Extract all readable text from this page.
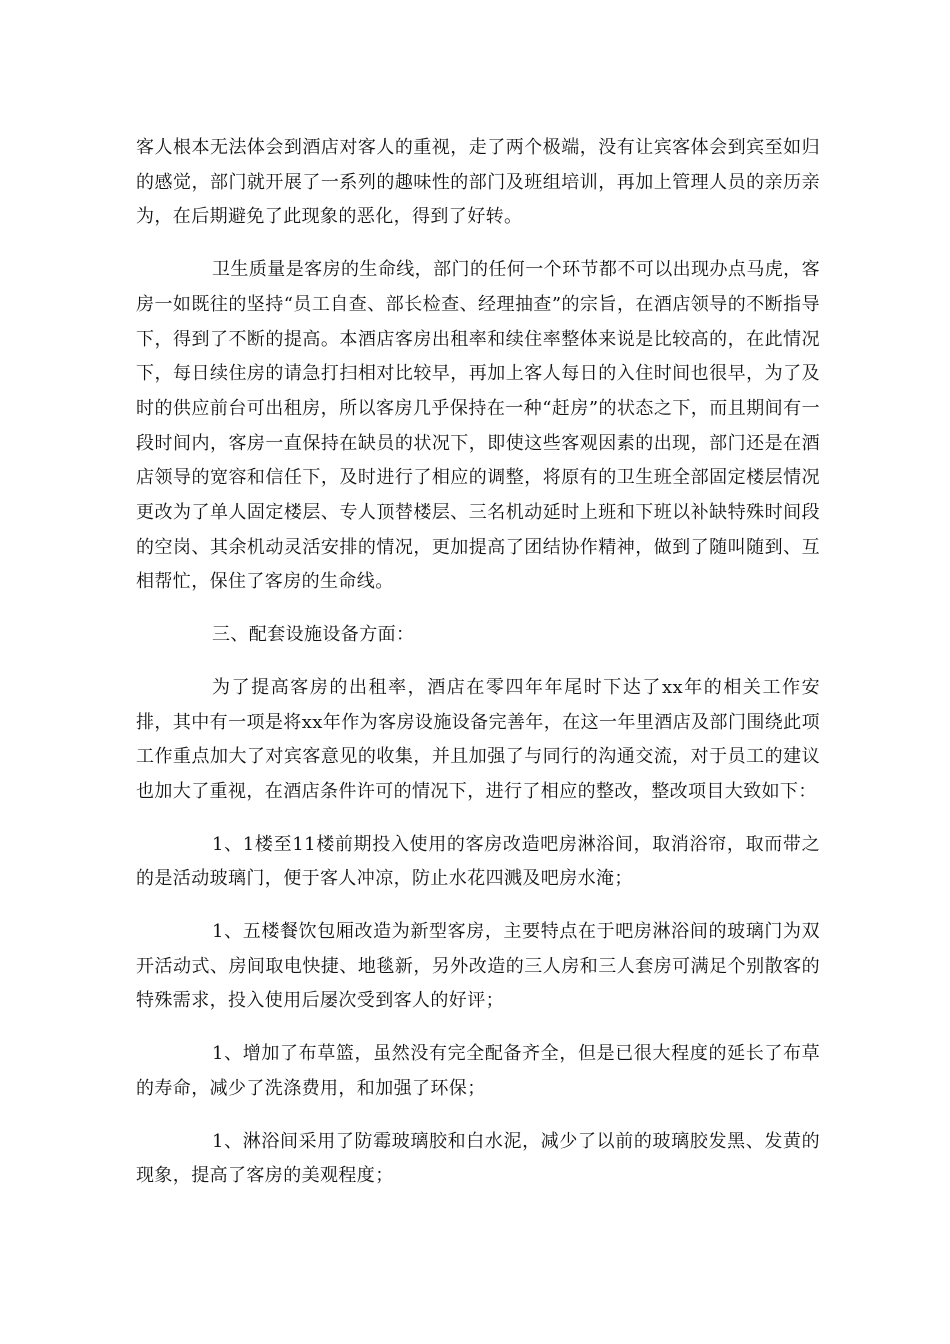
客人根本无法体会到酒店对客人的重视，走了两个极端，没有让宾客体会到宾至如归的感觉，部门就开展了一系列的趣味性的部门及班组培训，再加上管理人员的亲历亲为，在后期避免了此现象的恶化，得到了好转。

卫生质量是客房的生命线，部门的任何一个环节都不可以出现办点马虎，客房一如既往的坚持“员工自查、部长检查、经理抽查”的宗旨，在酒店领导的不断指导下，得到了不断的提高。本酒店客房出租率和续住率整体来说是比较高的，在此情况下，每日续住房的请急打扫相对比较早，再加上客人每日的入住时间也很早，为了及时的供应前台可出租房，所以客房几乎保持在一种“赶房”的状态之下，而且期间有一段时间内，客房一直保持在缺员的状况下，即使这些客观因素的出现，部门还是在酒店领导的宽容和信任下，及时进行了相应的调整，将原有的卫生班全部固定楼层情况更改为了单人固定楼层、专人顶替楼层、三名机动延时上班和下班以补缺特殊时间段的空岗、其余机动灵活安排的情况，更加提高了团结协作精神，做到了随叫随到、互相帮忙，保住了客房的生命线。

三、配套设施设备方面：

为了提高客房的出租率，酒店在零四年年尾时下达了xx年的相关工作安排，其中有一项是将xx年作为客房设施设备完善年，在这一年里酒店及部门围绕此项工作重点加大了对宾客意见的收集，并且加强了与同行的沟通交流，对于员工的建议也加大了重视，在酒店条件许可的情况下，进行了相应的整改，整改项目大致如下：

1、1楼至11楼前期投入使用的客房改造吧房淋浴间，取消浴帘，取而带之的是活动玻璃门，便于客人冲凉，防止水花四溅及吧房水淹；

1、五楼餐饮包厢改造为新型客房，主要特点在于吧房淋浴间的玻璃门为双开活动式、房间取电快捷、地毯新，另外改造的三人房和三人套房可满足个别散客的特殊需求，投入使用后屡次受到客人的好评；

1、增加了布草篮，虽然没有完全配备齐全，但是已很大程度的延长了布草的寿命，减少了洗涤费用，和加强了环保；

1、淋浴间采用了防霉玻璃胶和白水泥，减少了以前的玻璃胶发黑、发黄的现象，提高了客房的美观程度；
